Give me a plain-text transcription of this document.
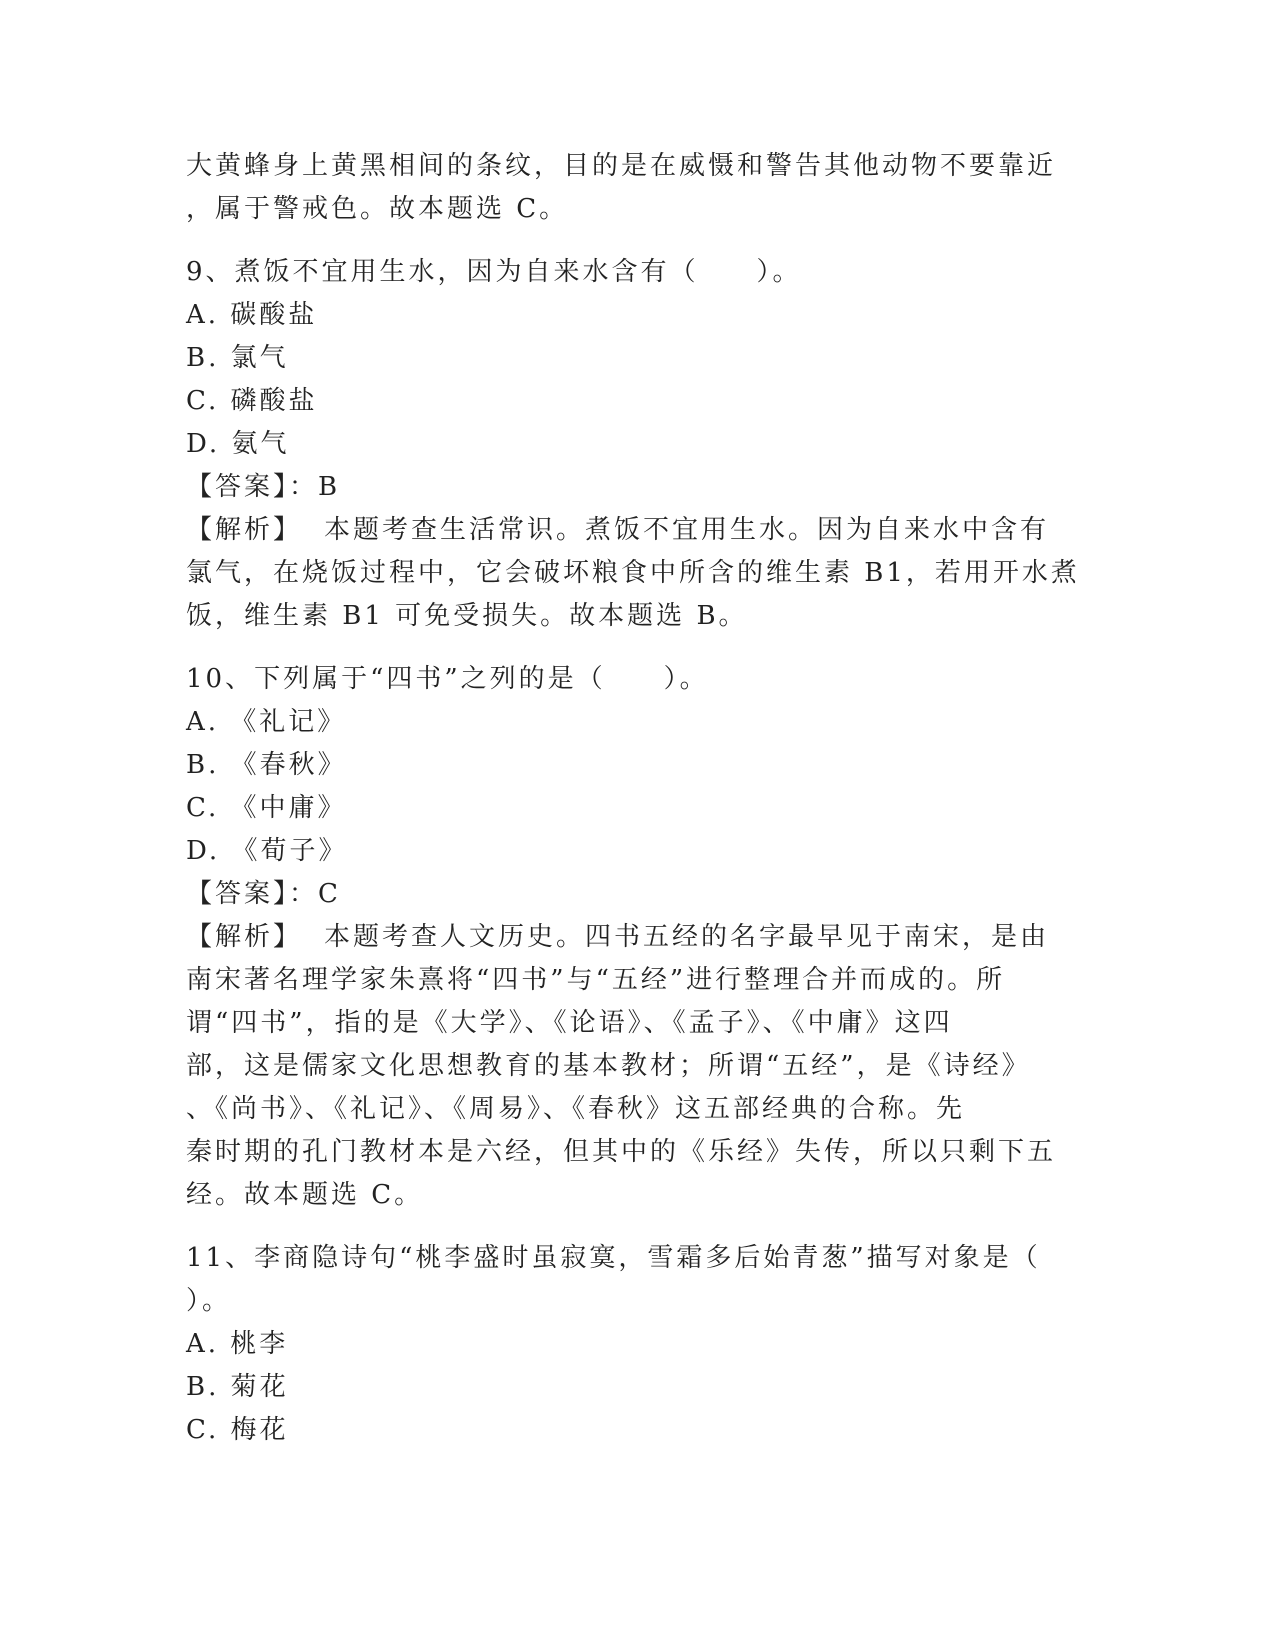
大黄蜂身上黄黑相间的条纹，目的是在威慑和警告其他动物不要靠近
，属于警戒色。故本题选 C。
9、煮饭不宜用生水，因为自来水含有（　　）。
A. 碳酸盐
B. 氯气
C. 磷酸盐
D. 氨气
【答案】：B
【解析】 本题考查生活常识。煮饭不宜用生水。因为自来水中含有
氯气，在烧饭过程中，它会破坏粮食中所含的维生素 B1，若用开水煮
饭，维生素 B1 可免受损失。故本题选 B。
10、下列属于“四书”之列的是（　　）。
A. 《礼记》
B. 《春秋》
C. 《中庸》
D. 《荀子》
【答案】：C
【解析】 本题考查人文历史。四书五经的名字最早见于南宋，是由
南宋著名理学家朱熹将“四书”与“五经”进行整理合并而成的。所
谓“四书”，指的是《大学》、《论语》、《孟子》、《中庸》这四
部，这是儒家文化思想教育的基本教材；所谓“五经”，是《诗经》
、《尚书》、《礼记》、《周易》、《春秋》这五部经典的合称。先
秦时期的孔门教材本是六经，但其中的《乐经》失传，所以只剩下五
经。故本题选 C。
11、李商隐诗句“桃李盛时虽寂寞，雪霜多后始青葱”描写对象是（
）。
A. 桃李
B. 菊花
C. 梅花
